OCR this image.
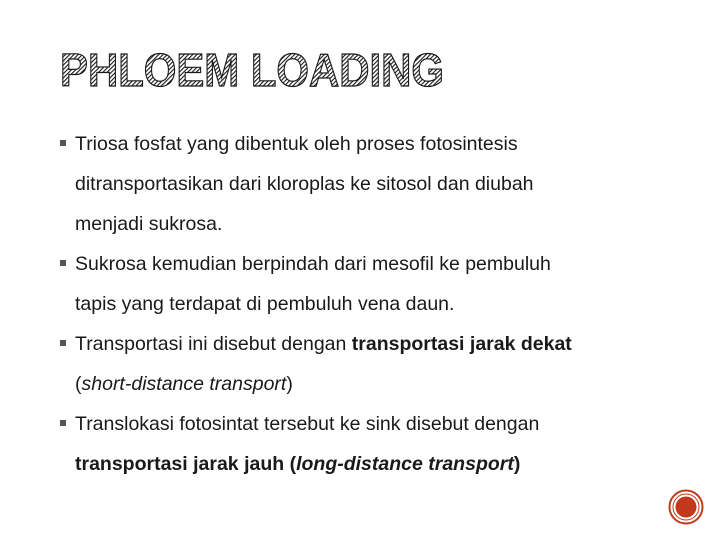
PHLOEM LOADING
Triosa fosfat yang dibentuk oleh proses fotosintesis
ditransportasikan dari kloroplas ke sitosol dan diubah
menjadi sukrosa.
Sukrosa kemudian berpindah dari mesofil ke pembuluh
tapis yang terdapat di pembuluh vena daun.
Transportasi ini disebut dengan transportasi jarak dekat
(short-distance transport)
Translokasi fotosintat tersebut ke sink disebut dengan
transportasi jarak jauh (long-distance transport)
